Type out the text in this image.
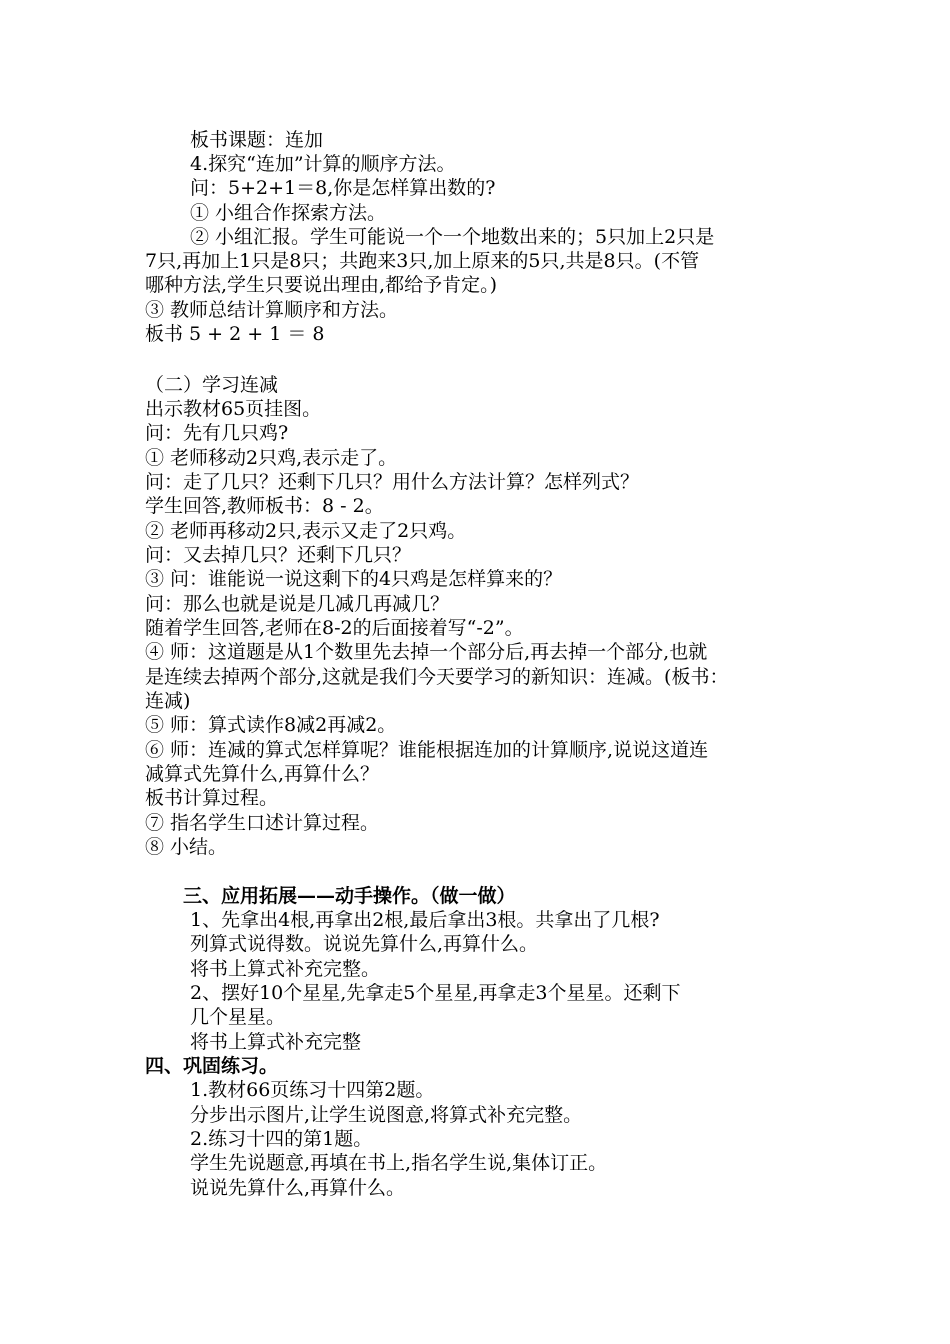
板书课题：连加
4.探究“连加”计算的顺序方法。
问：5+2+1＝8,你是怎样算出数的?
① 小组合作探索方法。
② 小组汇报。学生可能说一个一个地数出来的；5只加上2只是
7只,再加上1只是8只；共跑来3只,加上原来的5只,共是8只。(不管
哪种方法,学生只要说出理由,都给予肯定。)
③ 教师总结计算顺序和方法。
板书 5 + 2 + 1 ＝ 8
（二）学习连减
出示教材65页挂图。
问：先有几只鸡?
① 老师移动2只鸡,表示走了。
问：走了几只？还剩下几只？用什么方法计算？怎样列式？
学生回答,教师板书：8 - 2。
② 老师再移动2只,表示又走了2只鸡。
问：又去掉几只？还剩下几只？
③ 问：谁能说一说这剩下的4只鸡是怎样算来的？
问：那么也就是说是几减几再减几？
随着学生回答,老师在8-2的后面接着写“-2”。
④ 师：这道题是从1个数里先去掉一个部分后,再去掉一个部分,也就
是连续去掉两个部分,这就是我们今天要学习的新知识：连减。(板书：
连减)
⑤ 师：算式读作8减2再减2。
⑥ 师：连减的算式怎样算呢？谁能根据连加的计算顺序,说说这道连
减算式先算什么,再算什么？
板书计算过程。
⑦ 指名学生口述计算过程。
⑧ 小结。
三、应用拓展——动手操作。（做一做）
1、先拿出4根,再拿出2根,最后拿出3根。共拿出了几根?
列算式说得数。说说先算什么,再算什么。
将书上算式补充完整。
2、摆好10个星星,先拿走5个星星,再拿走3个星星。还剩下
几个星星。
将书上算式补充完整
四、巩固练习。
1.教材66页练习十四第2题。
分步出示图片,让学生说图意,将算式补充完整。
2.练习十四的第1题。
学生先说题意,再填在书上,指名学生说,集体订正。
说说先算什么,再算什么。
